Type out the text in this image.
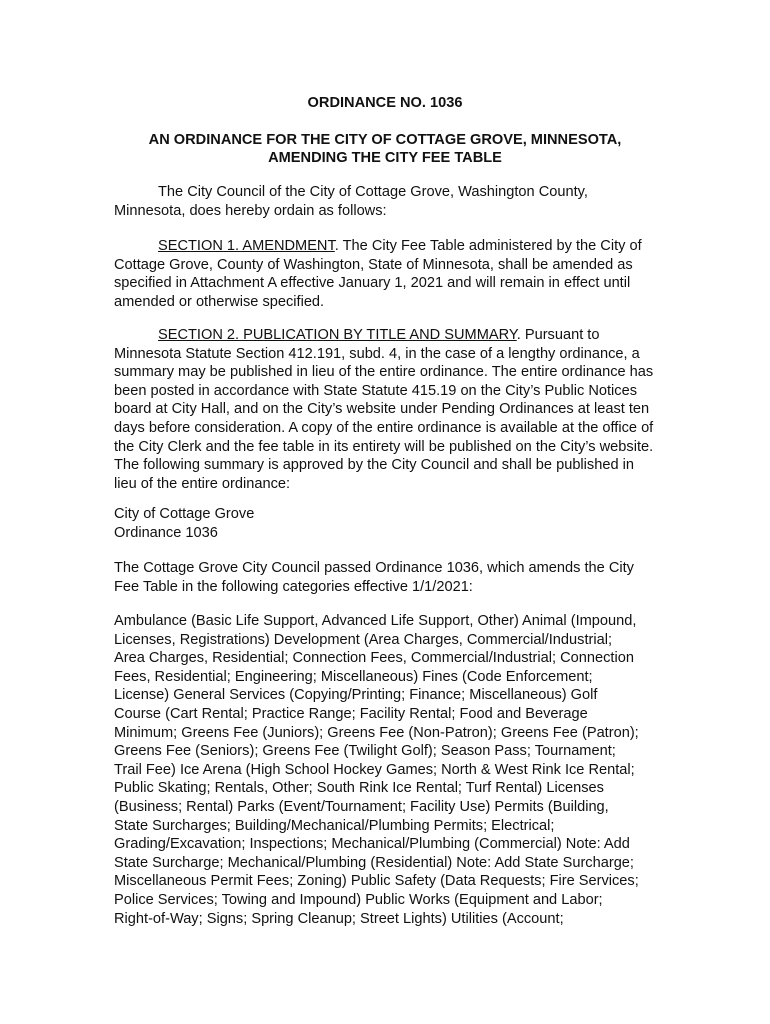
ORDINANCE NO. 1036
AN ORDINANCE FOR THE CITY OF COTTAGE GROVE, MINNESOTA,
AMENDING THE CITY FEE TABLE
The City Council of the City of Cottage Grove, Washington County, Minnesota, does hereby ordain as follows:
SECTION 1. AMENDMENT. The City Fee Table administered by the City of Cottage Grove, County of Washington, State of Minnesota, shall be amended as specified in Attachment A effective January 1, 2021 and will remain in effect until amended or otherwise specified.
SECTION 2. PUBLICATION BY TITLE AND SUMMARY. Pursuant to Minnesota Statute Section 412.191, subd. 4, in the case of a lengthy ordinance, a summary may be published in lieu of the entire ordinance. The entire ordinance has been posted in accordance with State Statute 415.19 on the City’s Public Notices board at City Hall, and on the City’s website under Pending Ordinances at least ten days before consideration. A copy of the entire ordinance is available at the office of the City Clerk and the fee table in its entirety will be published on the City’s website. The following summary is approved by the City Council and shall be published in lieu of the entire ordinance:
City of Cottage Grove
Ordinance 1036
The Cottage Grove City Council passed Ordinance 1036, which amends the City Fee Table in the following categories effective 1/1/2021:
Ambulance (Basic Life Support, Advanced Life Support, Other) Animal (Impound,
Licenses, Registrations) Development (Area Charges, Commercial/Industrial;
Area Charges, Residential; Connection Fees, Commercial/Industrial; Connection
Fees, Residential; Engineering; Miscellaneous) Fines (Code Enforcement;
License) General Services (Copying/Printing; Finance; Miscellaneous) Golf
Course (Cart Rental; Practice Range; Facility Rental; Food and Beverage
Minimum; Greens Fee (Juniors); Greens Fee (Non-Patron); Greens Fee (Patron);
Greens Fee (Seniors); Greens Fee (Twilight Golf); Season Pass; Tournament;
Trail Fee) Ice Arena (High School Hockey Games; North & West Rink Ice Rental;
Public Skating; Rentals, Other; South Rink Ice Rental; Turf Rental) Licenses
(Business; Rental) Parks (Event/Tournament; Facility Use) Permits (Building,
State Surcharges; Building/Mechanical/Plumbing Permits; Electrical;
Grading/Excavation; Inspections; Mechanical/Plumbing (Commercial) Note: Add
State Surcharge; Mechanical/Plumbing (Residential) Note: Add State Surcharge;
Miscellaneous Permit Fees; Zoning) Public Safety (Data Requests; Fire Services;
Police Services; Towing and Impound) Public Works (Equipment and Labor;
Right-of-Way; Signs; Spring Cleanup; Street Lights) Utilities (Account;
